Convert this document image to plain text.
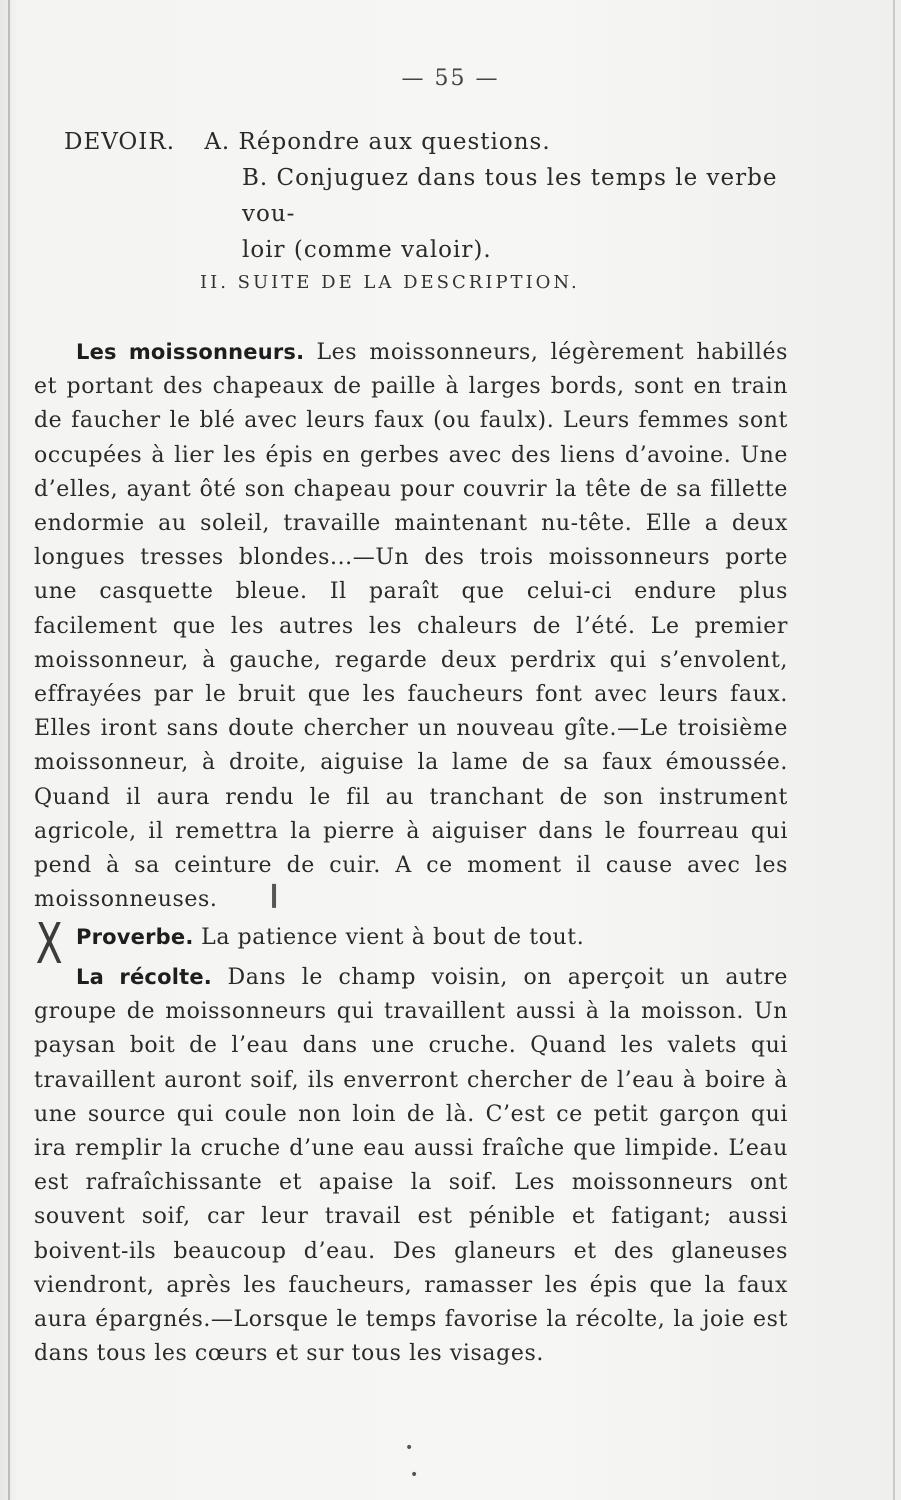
— 55 —
DEVOIR. A. Répondre aux questions.
B. Conjuguez dans tous les temps le verbe vou-
loir (comme valoir).
II. SUITE DE LA DESCRIPTION.
Les moissonneurs. Les moissonneurs, légèrement habillés et portant des chapeaux de paille à larges bords, sont en train de faucher le blé avec leurs faux (ou faulx). Leurs femmes sont occupées à lier les épis en gerbes avec des liens d’avoine. Une d’elles, ayant ôté son chapeau pour couvrir la tête de sa fillette endormie au soleil, travaille maintenant nu-tête. Elle a deux longues tresses blondes...—Un des trois moissonneurs porte une casquette bleue. Il paraît que celui-ci endure plus facilement que les autres les chaleurs de l’été. Le premier moissonneur, à gauche, regarde deux perdrix qui s’envolent, effrayées par le bruit que les faucheurs font avec leurs faux. Elles iront sans doute chercher un nouveau gîte.—Le troisième moissonneur, à droite, aiguise la lame de sa faux émoussée. Quand il aura rendu le fil au tranchant de son instrument agricole, il remettra la pierre à aiguiser dans le fourreau qui pend à sa ceinture de cuir. A ce moment il cause avec les moissonneuses.
Proverbe. La patience vient à bout de tout.
La récolte. Dans le champ voisin, on aperçoit un autre groupe de moissonneurs qui travaillent aussi à la moisson. Un paysan boit de l’eau dans une cruche. Quand les valets qui travaillent auront soif, ils enverront chercher de l’eau à boire à une source qui coule non loin de là. C’est ce petit garçon qui ira remplir la cruche d’une eau aussi fraîche que limpide. L’eau est rafraîchissante et apaise la soif. Les moissonneurs ont souvent soif, car leur travail est pénible et fatigant; aussi boivent-ils beaucoup d’eau. Des glaneurs et des glaneuses viendront, après les faucheurs, ramasser les épis que la faux aura épargnés.—Lorsque le temps favorise la récolte, la joie est dans tous les cœurs et sur tous les visages.
X
❙
•
•
